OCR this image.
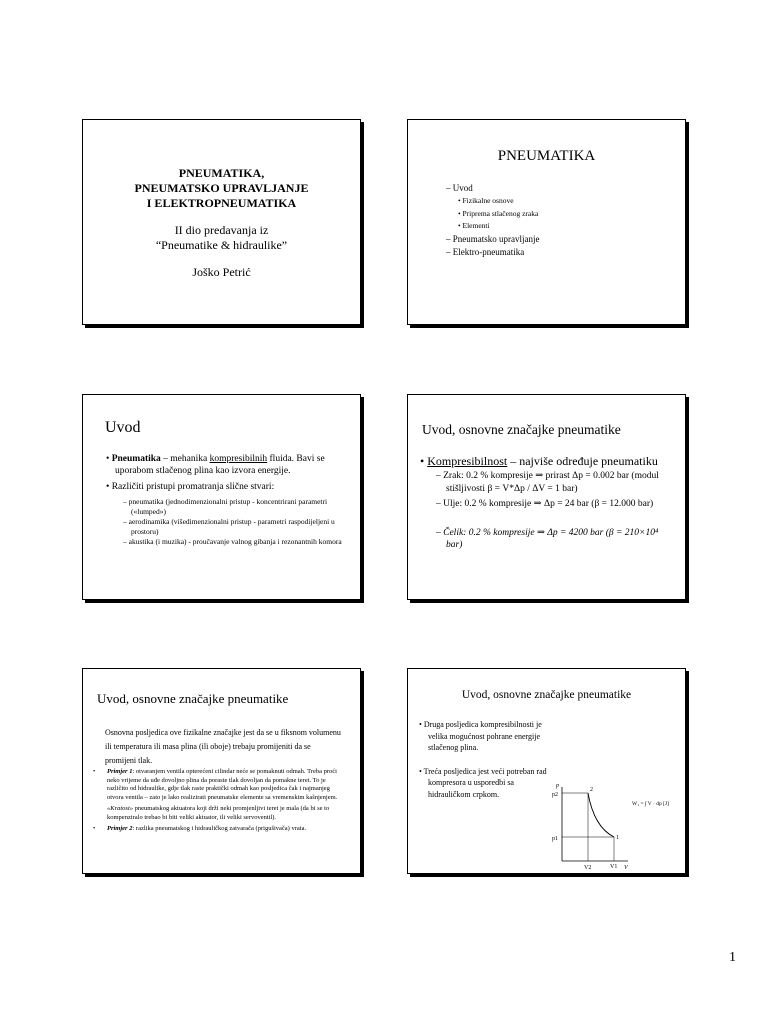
PNEUMATIKA,
PNEUMATSKO UPRAVLJANJE
I ELEKTROPNEUMATIKA
II dio predavanja iz
“Pneumatike & hidraulike”
Joško Petrić
PNEUMATIKA
– Uvod
• Fizikalne osnove
• Priprema stlačenog zraka
• Elementi
– Pneumatsko upravljanje
– Elektro-pneumatika
Uvod
• Pneumatika – mehanika kompresibilnih fluida. Bavi se uporabom stlačenog plina kao izvora energije.
• Različiti pristupi promatranja slične stvari:
– pneumatika (jednodimenzionalni pristup - koncentrirani parametri («lumped»)
– aerodinamika (višedimenzionalni pristup - parametri raspodijeljeni u prostoru)
– akustika (i muzika) - proučavanje valnog gibanja i rezonantnih komora
Uvod, osnovne značajke pneumatike
• Kompresibilnost – najviše određuje pneumatiku
– Zrak: 0.2 % kompresije ⇒ prirast Δp = 0.002 bar (modul stišljivosti β = V*Δp / ΔV = 1 bar)
– Ulje: 0.2 % kompresije ⇒ Δp = 24 bar (β = 12.000 bar)
– Čelik: 0.2 % kompresije ⇒ Δp = 4200 bar (β = 210×10⁴ bar)
Uvod, osnovne značajke pneumatike
Osnovna posljedica ove fizikalne značajke jest da se u fiksnom volumenu ili temperatura ili masa plina (ili oboje) trebaju promijeniti da se promijeni tlak.

• Primjer 1: otvaranjem ventila opterećeni cilindar neće se pomaknuti odmah. Treba proći neko vrijeme da uđe dovoljno plina da poraste tlak dovoljan da pomakne teret. To je različito od hidraulike, gdje tlak raste praktički odmah kao posljedica čak i najmanjeg otvora ventila – zato je lako realizirati pneumatske elemente sa vremenskim kašnjenjem.

«Kratost» pneumatskog aktuatora koji drži neki promjenljivi teret je mala (da bi se to kompenziralo trebao bi biti veliki aktuator, ili veliki servoventil).

• Primjer 2: razlika pneumatskog i hidrauličkog zatvarača (prigušivača) vrata.

Uvod, osnovne značajke pneumatike

• Druga posljedica kompresibilnosti je velika mogućnost pohrane energije stlačenog plina.

• Treća posljedica jest veći potreban rad kompresora u usporedbi sa hidrauličkom crpkom.

p
p2
p1
2
1
V2	V1 V
W₁ = ∫ V · dp [J]
1
